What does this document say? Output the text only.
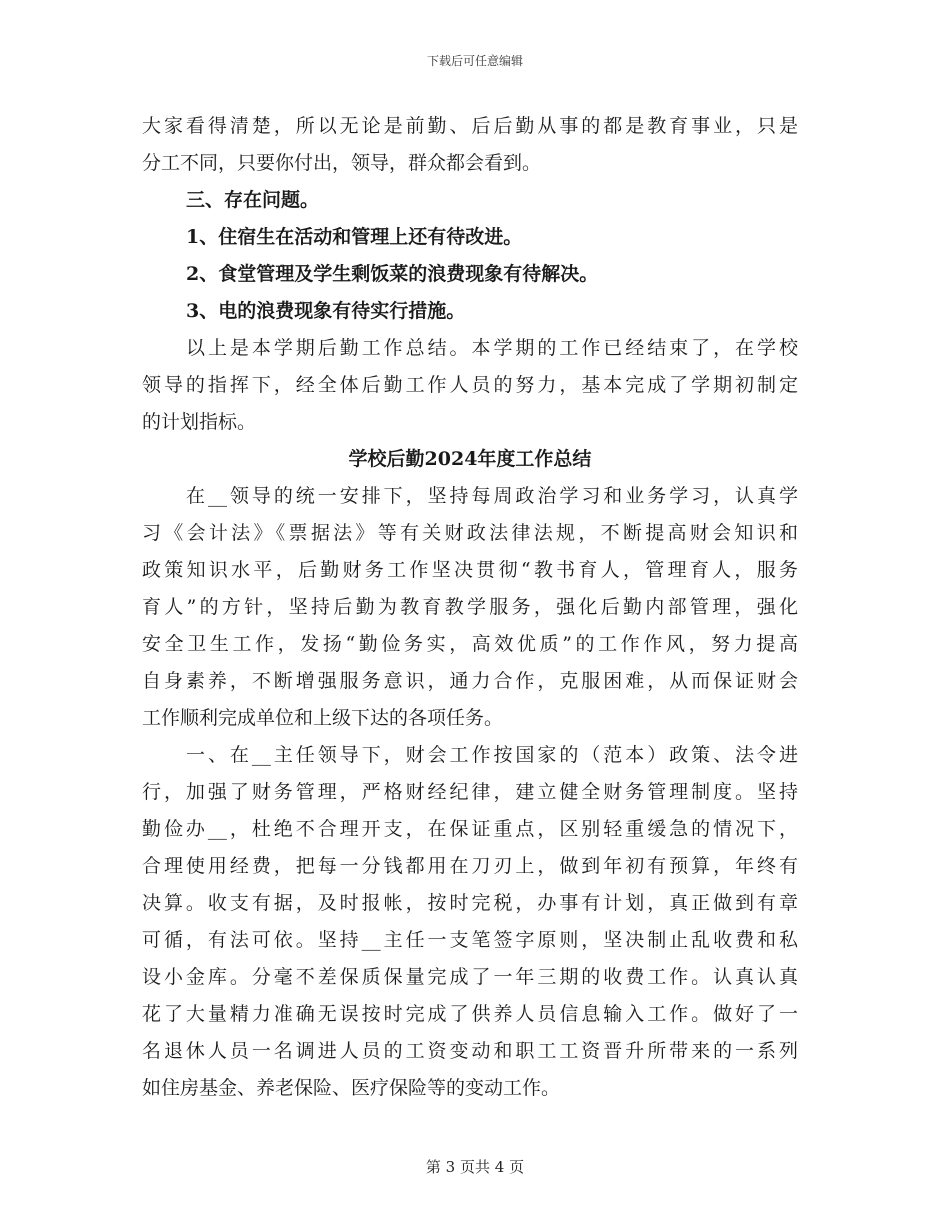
下载后可任意编辑
大家看得清楚，所以无论是前勤、后后勤从事的都是教育事业，只是
分工不同，只要你付出，领导，群众都会看到。
三、存在问题。
1、住宿生在活动和管理上还有待改进。
2、食堂管理及学生剩饭菜的浪费现象有待解决。
3、电的浪费现象有待实行措施。
以上是本学期后勤工作总结。本学期的工作已经结束了，在学校
领导的指挥下，经全体后勤工作人员的努力，基本完成了学期初制定
的计划指标。
学校后勤2024年度工作总结
在__领导的统一安排下，坚持每周政治学习和业务学习，认真学
习《会计法》《票据法》等有关财政法律法规，不断提高财会知识和
政策知识水平，后勤财务工作坚决贯彻“教书育人，管理育人，服务
育人”的方针，坚持后勤为教育教学服务，强化后勤内部管理，强化
安全卫生工作，发扬“勤俭务实，高效优质”的工作作风，努力提高
自身素养，不断增强服务意识，通力合作，克服困难，从而保证财会
工作顺利完成单位和上级下达的各项任务。
一、在__主任领导下，财会工作按国家的（范本）政策、法令进
行，加强了财务管理，严格财经纪律，建立健全财务管理制度。坚持
勤俭办__，杜绝不合理开支，在保证重点，区别轻重缓急的情况下，
合理使用经费，把每一分钱都用在刀刃上，做到年初有预算，年终有
决算。收支有据，及时报帐，按时完税，办事有计划，真正做到有章
可循，有法可依。坚持__主任一支笔签字原则，坚决制止乱收费和私
设小金库。分毫不差保质保量完成了一年三期的收费工作。认真认真
花了大量精力准确无误按时完成了供养人员信息输入工作。做好了一
名退休人员一名调进人员的工资变动和职工工资晋升所带来的一系列
如住房基金、养老保险、医疗保险等的变动工作。
第 3 页共 4 页
